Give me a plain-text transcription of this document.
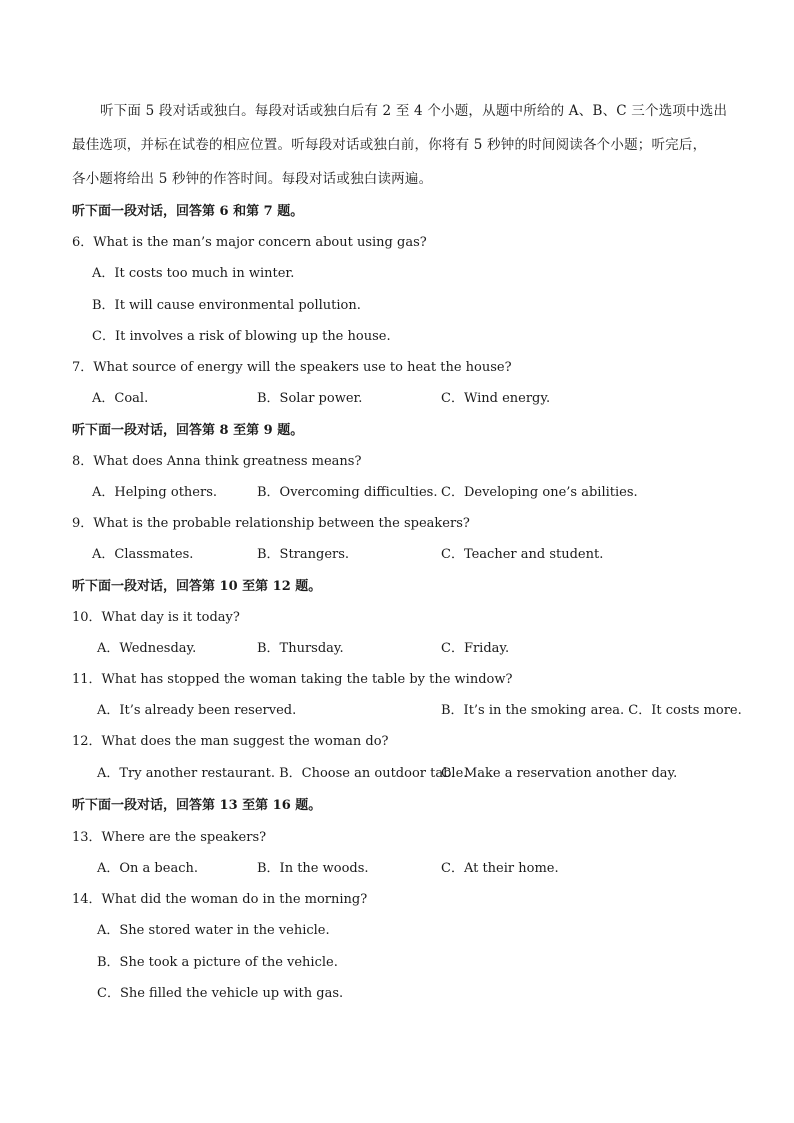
听下面 5 段对话或独白。每段对话或独白后有 2 至 4 个小题，从题中所给的 A、B、C 三个选项中选出
最佳选项，并标在试卷的相应位置。听每段对话或独白前，你将有 5 秒钟的时间阅读各个小题；听完后，
各小题将给出 5 秒钟的作答时间。每段对话或独白读两遍。
听下面一段对话，回答第 6 和第 7 题。
6．What is the man’s major concern about using gas?
A．It costs too much in winter.
B．It will cause environmental pollution.
C．It involves a risk of blowing up the house.
7．What source of energy will the speakers use to heat the house?
A．Coal.	B．Solar power.	C．Wind energy.
听下面一段对话，回答第 8 至第 9 题。
8．What does Anna think greatness means?
A．Helping others.	B．Overcoming difficulties. C．Developing one’s abilities.
9．What is the probable relationship between the speakers?
A．Classmates.	B．Strangers.	C．Teacher and student.
听下面一段对话，回答第 10 至第 12 题。
10．What day is it today?
A．Wednesday.	B．Thursday.	C．Friday.
11．What has stopped the woman taking the table by the window?
A．It’s already been reserved.	B．It’s in the smoking area. C．It costs more.
12．What does the man suggest the woman do?
A．Try another restaurant. B．Choose an outdoor table.
C．Make a reservation another day.
听下面一段对话，回答第 13 至第 16 题。
13．Where are the speakers?
A．On a beach.	B．In the woods.	C．At their home.
14．What did the woman do in the morning?
A．She stored water in the vehicle.
B．She took a picture of the vehicle.
C．She filled the vehicle up with gas.
